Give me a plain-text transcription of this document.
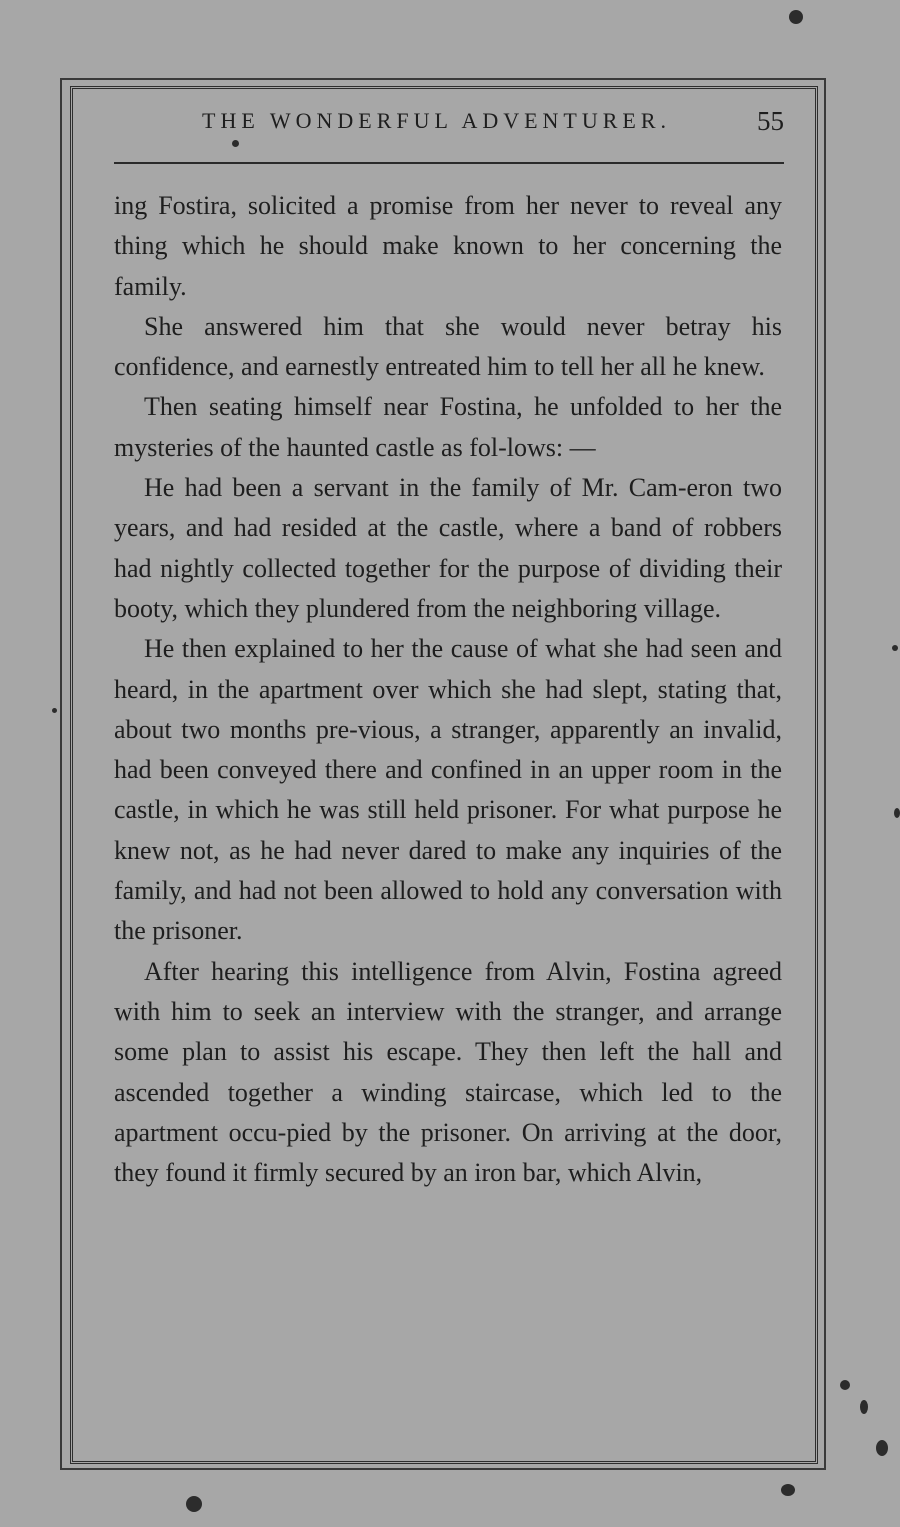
THE WONDERFUL ADVENTURER.	55

ing Fostira, solicited a promise from her never to reveal any thing which he should make known to her concerning the family.

She answered him that she would never betray his confidence, and earnestly entreated him to tell her all he knew.

Then seating himself near Fostina, he unfolded to her the mysteries of the haunted castle as fol-lows: —

He had been a servant in the family of Mr. Cam-eron two years, and had resided at the castle, where a band of robbers had nightly collected together for the purpose of dividing their booty, which they plundered from the neighboring village.

He then explained to her the cause of what she had seen and heard, in the apartment over which she had slept, stating that, about two months pre-vious, a stranger, apparently an invalid, had been conveyed there and confined in an upper room in the castle, in which he was still held prisoner. For what purpose he knew not, as he had never dared to make any inquiries of the family, and had not been allowed to hold any conversation with the prisoner.

After hearing this intelligence from Alvin, Fostina agreed with him to seek an interview with the stranger, and arrange some plan to assist his escape. They then left the hall and ascended together a winding staircase, which led to the apartment occu-pied by the prisoner. On arriving at the door, they found it firmly secured by an iron bar, which Alvin,
